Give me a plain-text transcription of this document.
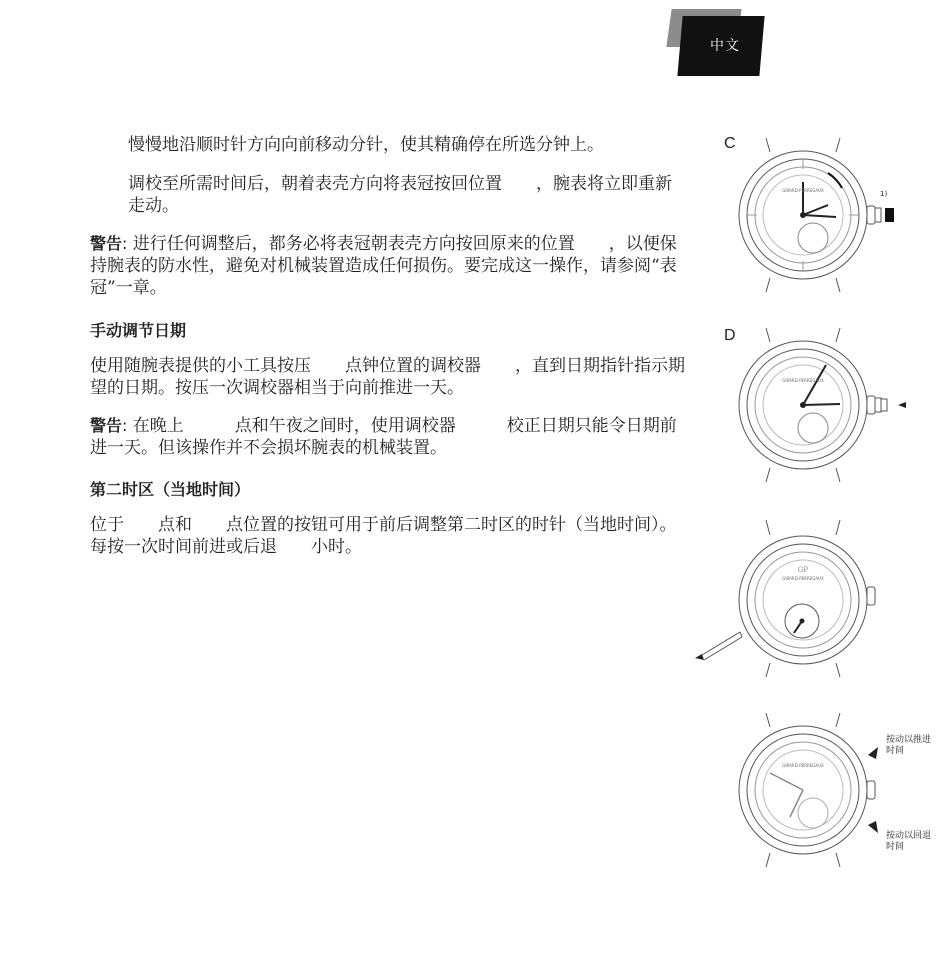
中文
慢慢地沿顺时针方向向前移动分针，使其精确停在所选分钟上。
调校至所需时间后，朝着表壳方向将表冠按回位置　　，腕表将立即重新走动。
警告: 进行任何调整后，都务必将表冠朝表壳方向按回原来的位置　　，以便保持腕表的防水性，避免对机械装置造成任何损伤。要完成这一操作，请参阅“表冠”一章。
手动调节日期
使用随腕表提供的小工具按压　　点钟位置的调校器　　，直到日期指针指示期望的日期。按压一次调校器相当于向前推进一天。
警告: 在晚上　　　点和午夜之间时，使用调校器　　　校正日期只能令日期前进一天。但该操作并不会损坏腕表的机械装置。
第二时区（当地时间）
位于　　点和　　点位置的按钮可用于前后调整第二时区的时针（当地时间）。每按一次时间前进或后退　　小时。
C
D
GIRARD-PERREGAUX	1)
GIRARD-PERREGAUX
GP
GIRARD-PERREGAUX
GIRARD-PERREGAUX
按动以推进
时间
按动以回退
时间
